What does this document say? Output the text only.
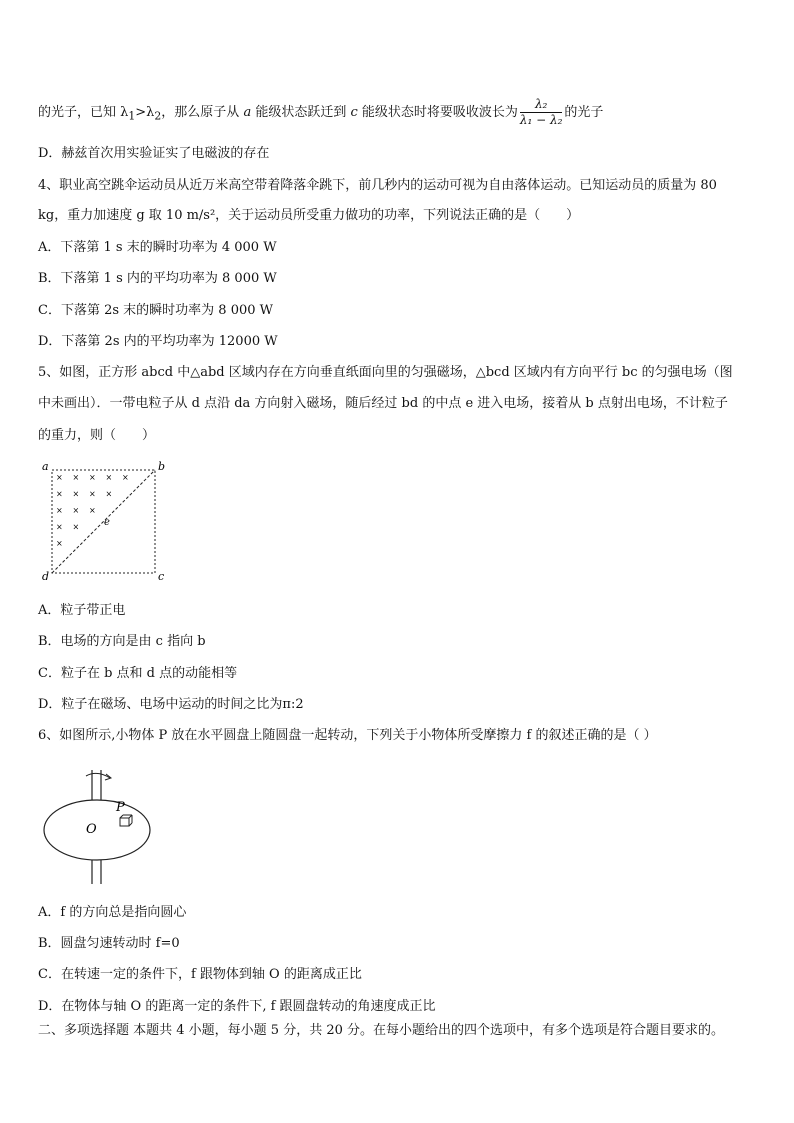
的光子，已知 $\lambda_1>\lambda_2$，那么原子从 a 能级状态跃迁到 c 能级状态时将要吸收波长为 $\frac{\text{λ₂}}{\text{λ₁ − λ₂}}$ 的光子
D．赫兹首次用实验证实了电磁波的存在
4、职业高空跳伞运动员从近万米高空带着降落伞跳下，前几秒内的运动可视为自由落体运动。已知运动员的质量为 80
kg，重力加速度 g 取 10 m/s²，关于运动员所受重力做功的功率，下列说法正确的是（　　）
A．下落第 1 s 末的瞬时功率为 4 000 W
B．下落第 1 s 内的平均功率为 8 000 W
C．下落第 2s 末的瞬时功率为 8 000 W
D．下落第 2s 内的平均功率为 12000 W
5、如图，正方形 abcd 中△abd 区域内存在方向垂直纸面向里的匀强磁场，△bcd 区域内有方向平行 bc 的匀强电场（图
中未画出）．一带电粒子从 d 点沿 da 方向射入磁场，随后经过 bd 的中点 e 进入电场，接着从 b 点射出电场，不计粒子
的重力，则（　　）
× × × × ×
× × × ×
× × ×
× ×
×
a	b
c
d
e
A．粒子带正电
B．电场的方向是由 c 指向 b
C．粒子在 b 点和 d 点的动能相等
D．粒子在磁场、电场中运动的时间之比为π:2
6、如图所示,小物体 P 放在水平圆盘上随圆盘一起转动，下列关于小物体所受摩擦力 f 的叙述正确的是（ ）
P
O
A．f 的方向总是指向圆心
B．圆盘匀速转动时 f=0
C．在转速一定的条件下，f 跟物体到轴 O 的距离成正比
D．在物体与轴 O 的距离一定的条件下, f 跟圆盘转动的角速度成正比
二、多项选择题 本题共 4 小题，每小题 5 分，共 20 分。在每小题给出的四个选项中，有多个选项是符合题目要求的。
